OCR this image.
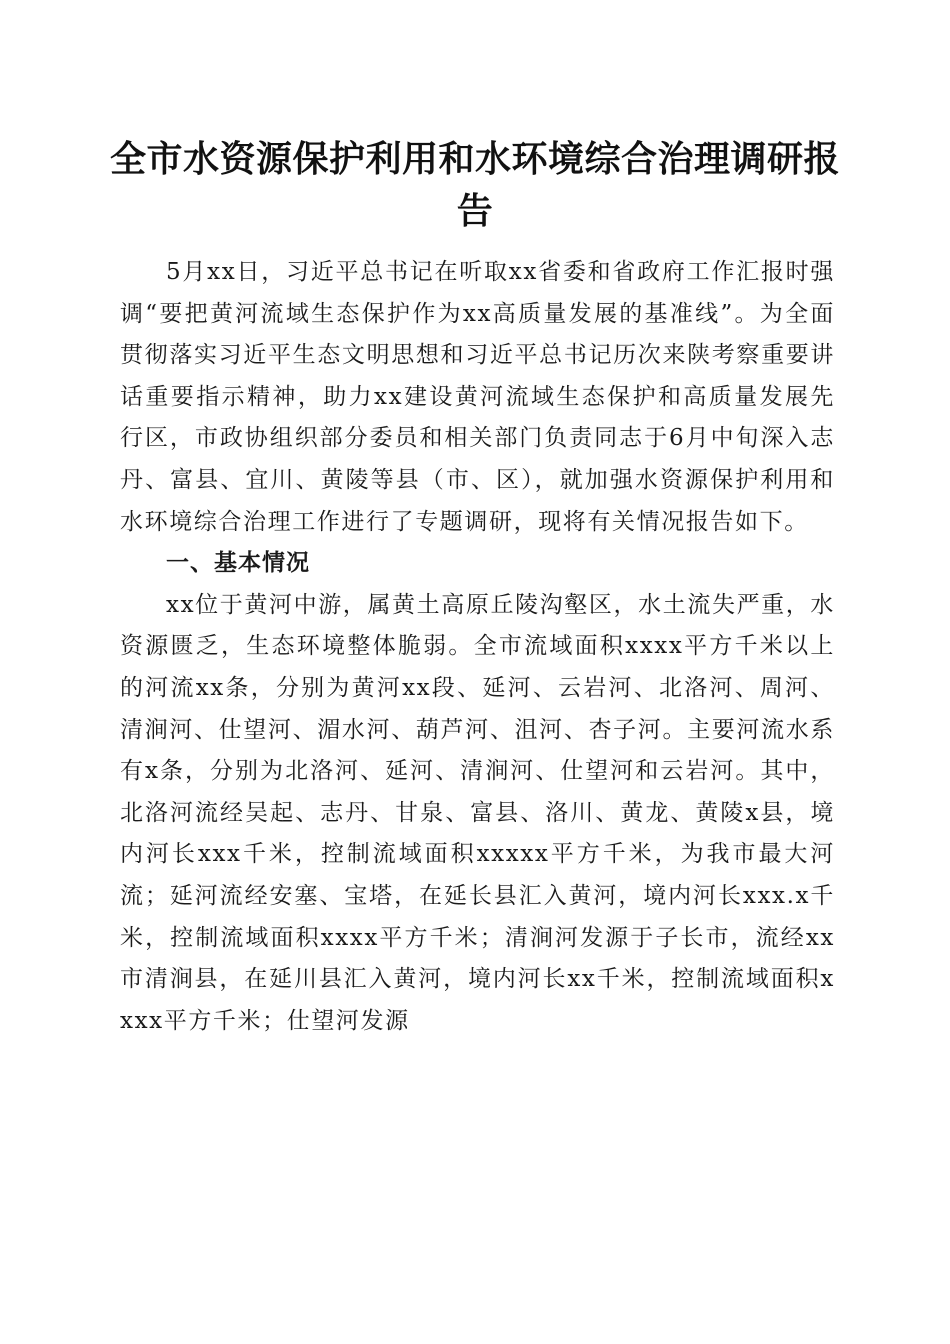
全市水资源保护利用和水环境综合治理调研报告

5月xx日，习近平总书记在听取xx省委和省政府工作汇报时强调“要把黄河流域生态保护作为xx高质量发展的基准线”。为全面贯彻落实习近平生态文明思想和习近平总书记历次来陕考察重要讲话重要指示精神，助力xx建设黄河流域生态保护和高质量发展先行区，市政协组织部分委员和相关部门负责同志于6月中旬深入志丹、富县、宜川、黄陵等县（市、区），就加强水资源保护利用和水环境综合治理工作进行了专题调研，现将有关情况报告如下。

一、基本情况

xx位于黄河中游，属黄土高原丘陵沟壑区，水土流失严重，水资源匮乏，生态环境整体脆弱。全市流域面积xxxx平方千米以上的河流xx条，分别为黄河xx段、延河、云岩河、北洛河、周河、清涧河、仕望河、湄水河、葫芦河、沮河、杏子河。主要河流水系有x条，分别为北洛河、延河、清涧河、仕望河和云岩河。其中，北洛河流经吴起、志丹、甘泉、富县、洛川、黄龙、黄陵x县，境内河长xxx千米，控制流域面积xxxxx平方千米，为我市最大河流；延河流经安塞、宝塔，在延长县汇入黄河，境内河长xxx.x千米，控制流域面积xxxx平方千米；清涧河发源于子长市，流经xx市清涧县，在延川县汇入黄河，境内河长xx千米，控制流域面积xxxx平方千米；仕望河发源
